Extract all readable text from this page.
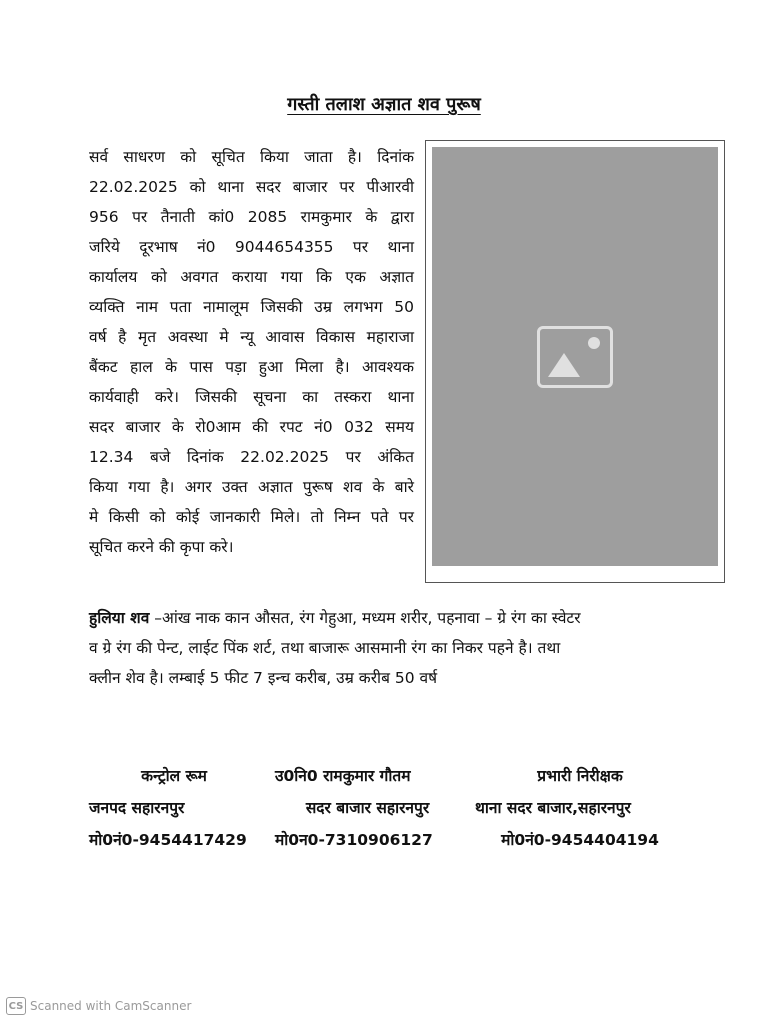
गस्ती तलाश अज्ञात शव पुरूष
सर्व साधरण को सूचित किया जाता है। दिनांक
22.02.2025 को थाना सदर बाजार पर पीआरवी
956 पर तैनाती कां0 2085 रामकुमार के द्वारा
जरिये दूरभाष नं0 9044654355 पर थाना
कार्यालय को अवगत कराया गया कि एक अज्ञात
व्यक्ति नाम पता नामालूम जिसकी उम्र लगभग 50
वर्ष है मृत अवस्था मे न्यू आवास विकास महाराजा
बैंकट हाल के पास पड़ा हुआ मिला है। आवश्यक
कार्यवाही करे। जिसकी सूचना का तस्करा थाना
सदर बाजार के रो0आम की रपट नं0 032 समय
12.34 बजे दिनांक 22.02.2025 पर अंकित
किया गया है। अगर उक्त अज्ञात पुरूष शव के बारे
मे किसी को कोई जानकारी मिले। तो निम्न पते पर
सूचित करने की कृपा करे।
हुलिया शव –आंख नाक कान औसत, रंग गेहुआ, मध्यम शरीर, पहनावा – ग्रे रंग का स्वेटर
व ग्रे रंग की पेन्ट, लाईट पिंक शर्ट, तथा बाजारू आसमानी रंग का निकर पहने है। तथा
क्लीन शेव है। लम्बाई 5 फीट 7 इन्च करीब, उम्र करीब 50 वर्ष
कन्ट्रोल रूम
जनपद सहारनपुर
मो0नं0-9454417429
उ0नि0 रामकुमार गौतम
सदर बाजार सहारनपुर
मो0न0-7310906127
प्रभारी निरीक्षक
थाना सदर बाजार,सहारनपुर
मो0नं0-9454404194
CS Scanned with CamScanner
